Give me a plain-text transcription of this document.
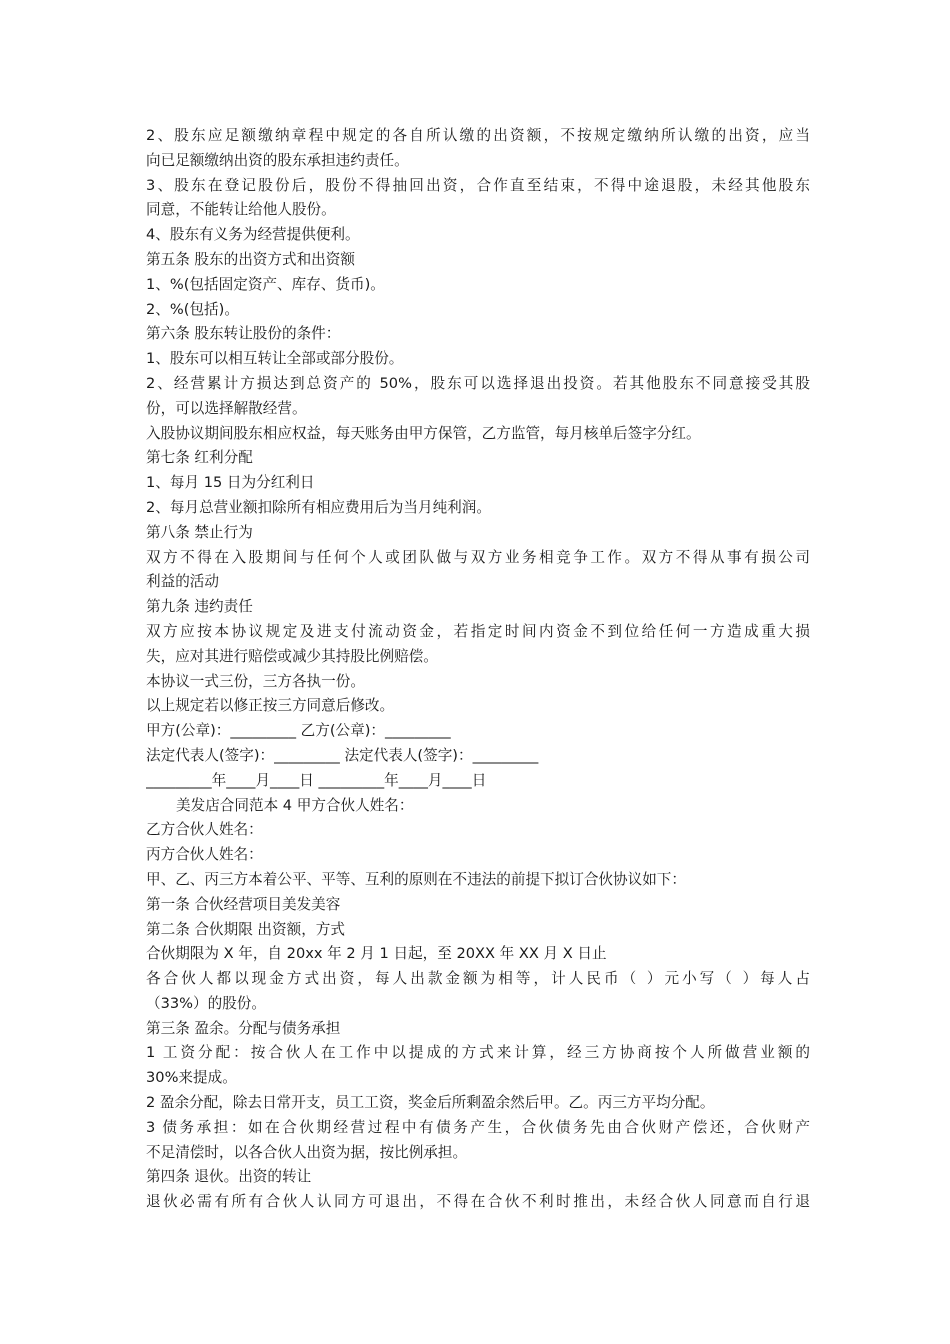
2、股东应足额缴纳章程中规定的各自所认缴的出资额，不按规定缴纳所认缴的出资，应当
向已足额缴纳出资的股东承担违约责任。
3、股东在登记股份后，股份不得抽回出资，合作直至结束，不得中途退股，未经其他股东
同意，不能转让给他人股份。
4、股东有义务为经营提供便利。
第五条 股东的出资方式和出资额
1、%(包括固定资产、库存、货币)。
2、%(包括)。
第六条 股东转让股份的条件：
1、股东可以相互转让全部或部分股份。
2、经营累计方损达到总资产的 50%，股东可以选择退出投资。若其他股东不同意接受其股
份，可以选择解散经营。
入股协议期间股东相应权益，每天账务由甲方保管，乙方监管，每月核单后签字分红。
第七条 红利分配
1、每月 15 日为分红利日
2、每月总营业额扣除所有相应费用后为当月纯利润。
第八条 禁止行为
双方不得在入股期间与任何个人或团队做与双方业务相竞争工作。双方不得从事有损公司
利益的活动
第九条 违约责任
双方应按本协议规定及进支付流动资金，若指定时间内资金不到位给任何一方造成重大损
失，应对其进行赔偿或减少其持股比例赔偿。
本协议一式三份，三方各执一份。
以上规定若以修正按三方同意后修改。
甲方(公章)：_________ 乙方(公章)：_________
法定代表人(签字)：_________ 法定代表人(签字)：_________
_________年____月____日 _________年____月____日
美发店合同范本 4 甲方合伙人姓名：
乙方合伙人姓名：
丙方合伙人姓名：
甲、乙、丙三方本着公平、平等、互利的原则在不违法的前提下拟订合伙协议如下：
第一条 合伙经营项目美发美容
第二条 合伙期限 出资额，方式
合伙期限为 X 年，自 20xx 年 2 月 1 日起，至 20XX 年 XX 月 X 日止
各合伙人都以现金方式出资，每人出款金额为相等，计人民币（ ）元小写（ ）每人占
（33%）的股份。
第三条 盈余。分配与债务承担
1 工资分配：按合伙人在工作中以提成的方式来计算，经三方协商按个人所做营业额的
30%来提成。
2 盈余分配，除去日常开支，员工工资，奖金后所剩盈余然后甲。乙。丙三方平均分配。
3 债务承担：如在合伙期经营过程中有债务产生，合伙债务先由合伙财产偿还，合伙财产
不足清偿时，以各合伙人出资为据，按比例承担。
第四条 退伙。出资的转让
退伙必需有所有合伙人认同方可退出，不得在合伙不利时推出，未经合伙人同意而自行退
